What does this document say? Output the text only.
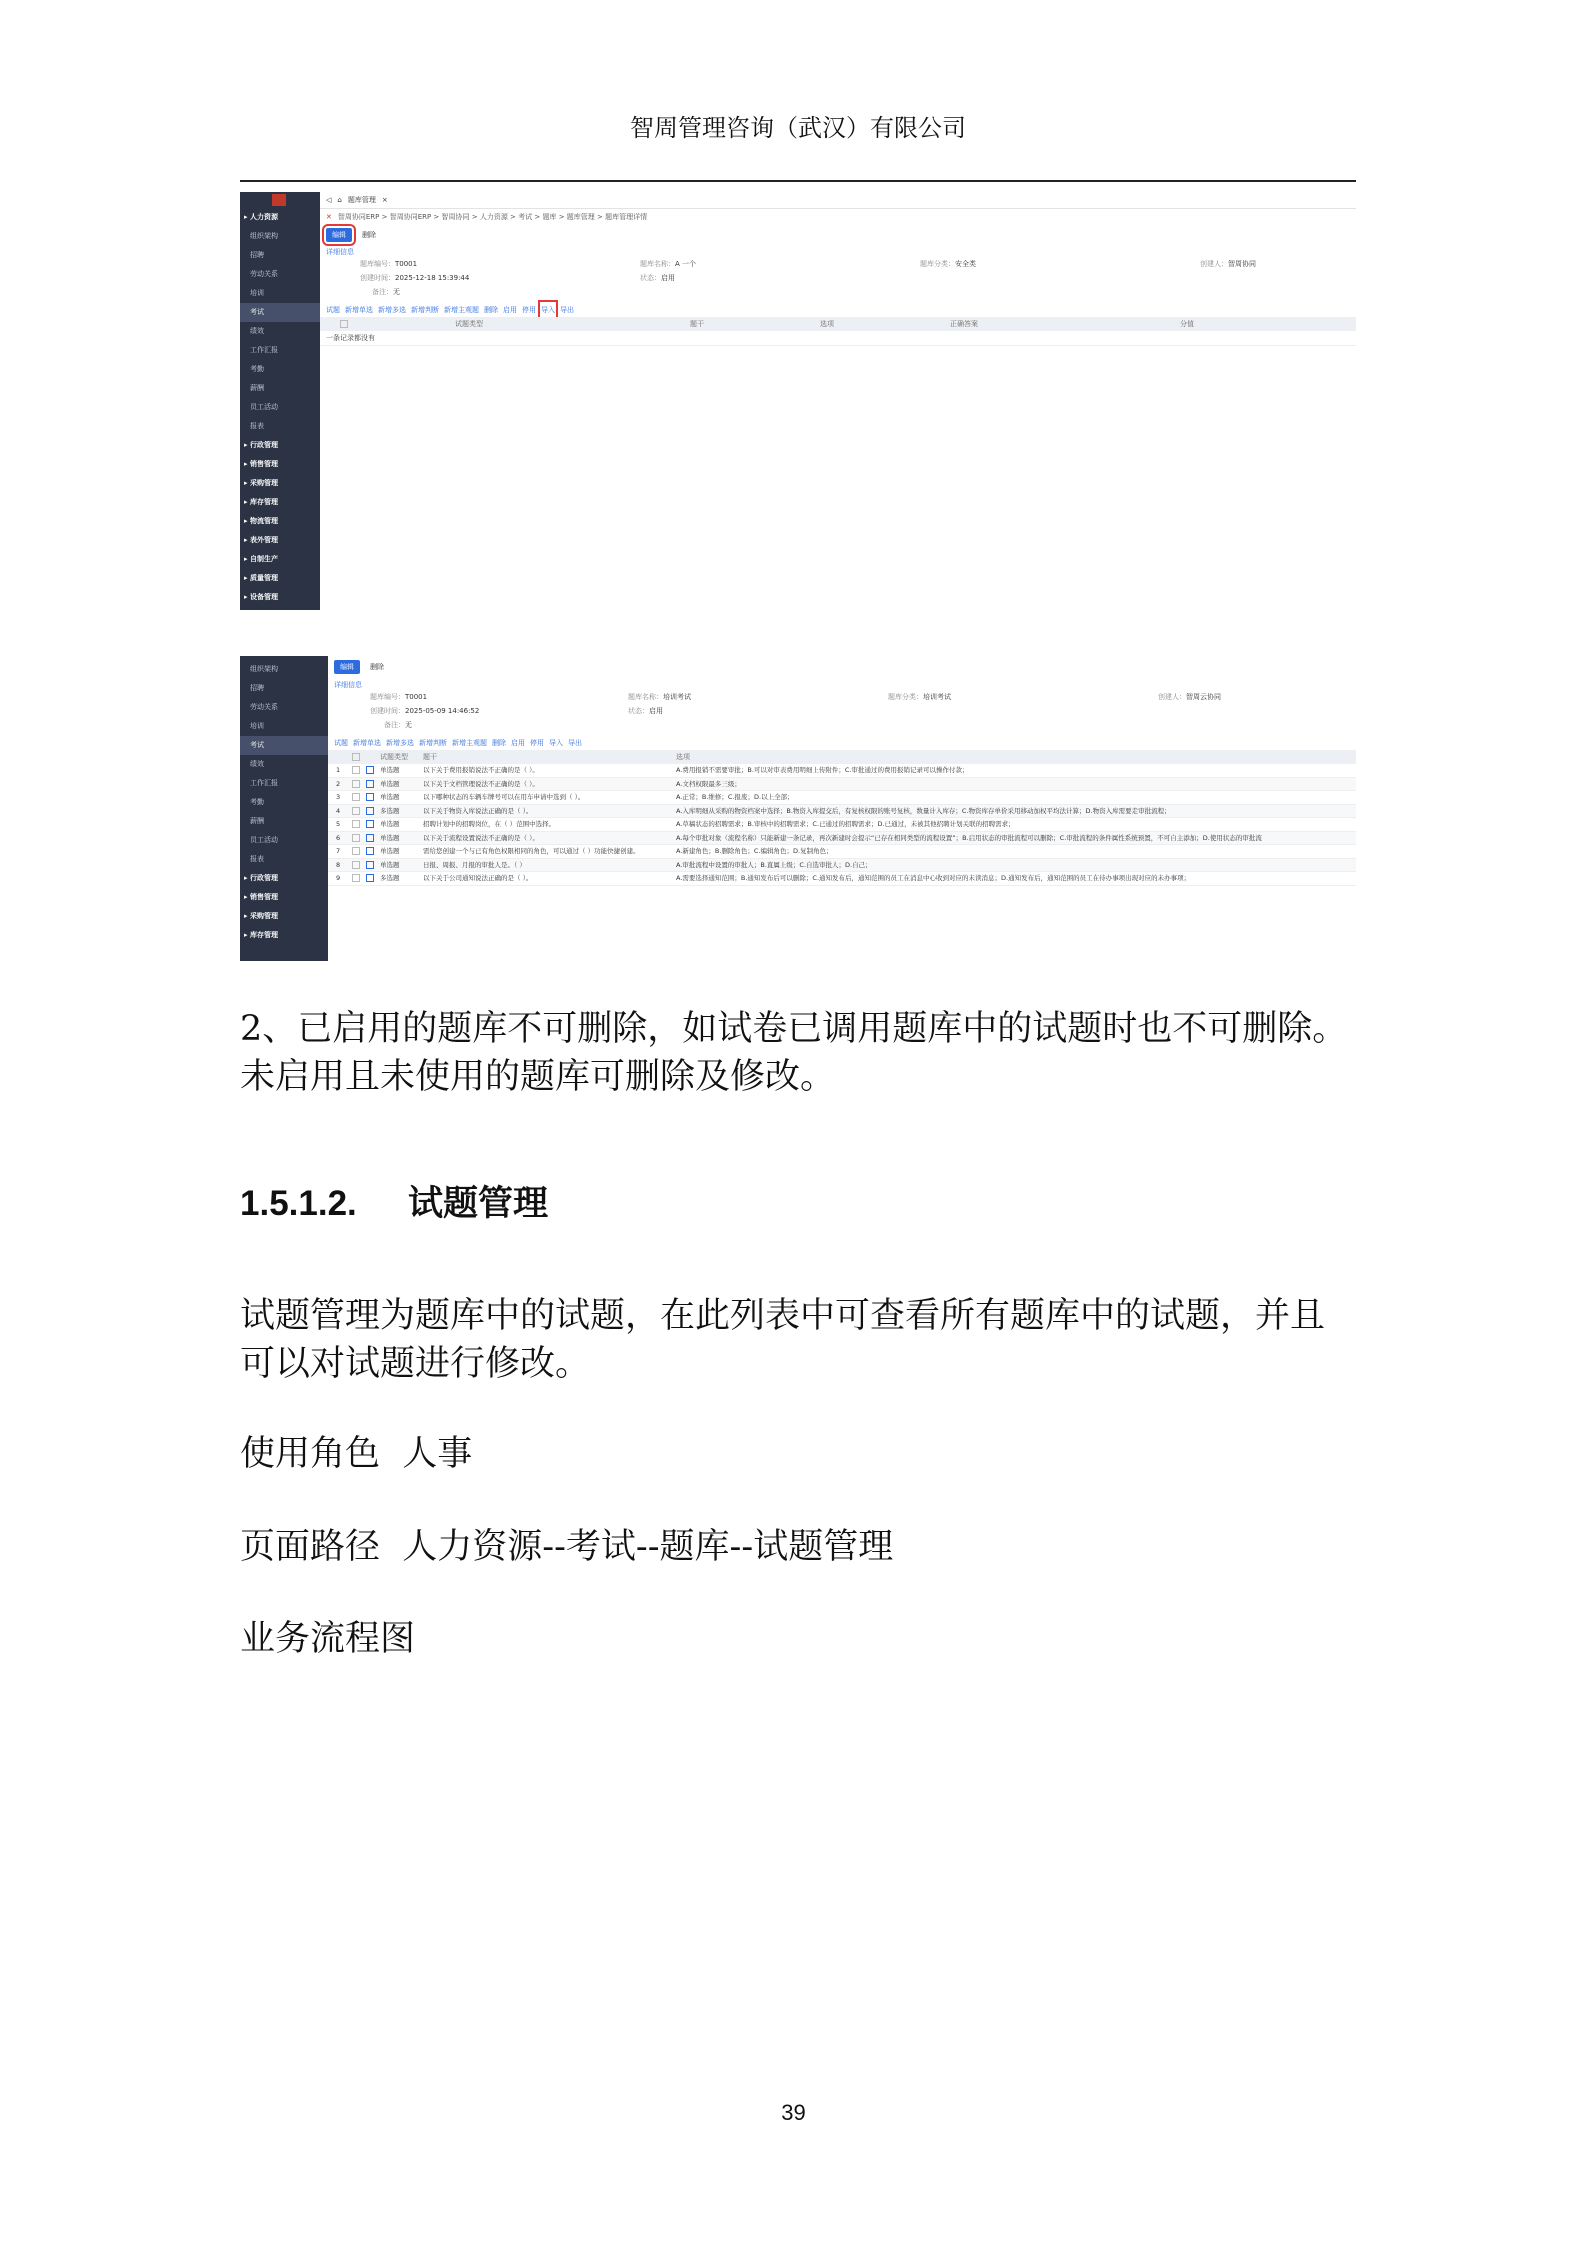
智周管理咨询（武汉）有限公司
▸ 人力资源
组织架构
招聘
劳动关系
培训
考试
绩效
工作汇报
考勤
薪酬
员工活动
报表
▸ 行政管理
▸ 销售管理
▸ 采购管理
▸ 库存管理
▸ 物流管理
▸ 表外管理
▸ 自制生产
▸ 质量管理
▸ 设备管理
◁ ⌂ 题库管理 ×
✕ 智周协同ERP > 智周协同ERP > 智周协同 > 人力资源 > 考试 > 题库 > 题库管理 > 题库管理详情
编辑	删除
详细信息
题库编号：T0001	题库名称：A 一个	题库分类：安全类	创建人：智周协同
创建时间：2025-12-18 15:39:44	状态：启用
备注：无
试题 新增单选 新增多选 新增判断 新增主观题 删除 启用 停用 导入 导出
试题类型	题干	选项	正确答案	分值
一条记录都没有
组织架构
招聘
劳动关系
培训
考试
绩效
工作汇报
考勤
薪酬
员工活动
报表
▸ 行政管理
▸ 销售管理
▸ 采购管理
▸ 库存管理
编辑	删除
详细信息
题库编号：T0001	题库名称：培训考试	题库分类：培训考试	创建人：智周云协同
创建时间：2025-05-09 14:46:52	状态：启用
备注：无
试题 新增单选 新增多选 新增判断 新增主观题 删除 启用 停用 导入 导出
试题类型 题干	选项
1	单选题	以下关于费用报销说法不正确的是（ ）。	A.费用报销不需要审批；B.可以对审表费用明细上传附件；C.审批通过的费用报销记录可以操作付款；
2	单选题	以下关于文档管理说法不正确的是（ ）。	A.文档权限最多三级；
3	单选题	以下哪种状态的车辆车牌号可以在用车申请中选到（ ）。	A.正常；B.维修；C.报废；D.以上全部；
4	多选题	以下关于物资入库说法正确的是（ ）。	A.入库明细从采购的物资档案中选择；B.物资入库提交后，有复核权限的账号复核，数量计入库存；C.物资库存单价采用移动加权平均法计算；D.物资入库需要走审批流程；
5	单选题	招聘计划中的招聘岗位，在（ ）范围中选择。	A.草稿状态的招聘需求；B.审核中的招聘需求；C.已通过的招聘需求；D.已通过，未被其他招聘计划关联的招聘需求；
6	单选题	以下关于流程设置说法不正确的是（ ）。	A.每个审批对象（流程名称）只能新建一条记录，再次新建时会提示“已存在相同类型的流程设置”；B.启用状态的审批流程可以删除；C.审批流程的条件属性系统预置，不可自主添加；D.使用状态的审批流
7	单选题	需给您创建一个与已有角色权限相同的角色，可以通过（ ）功能快捷创建。	A.新建角色；B.删除角色；C.编辑角色；D.复制角色；
8	单选题	日报、周报、月报的审批人是。（ ）	A.审批流程中设置的审批人；B.直属上级；C.自选审批人；D.自己；
9	多选题	以下关于公司通知说法正确的是（ ）。	A.需要选择通知范围；B.通知发布后可以删除；C.通知发布后，通知范围的员工在消息中心收到对应的未读消息；D.通知发布后，通知范围的员工在待办事项出现对应的未办事项；
2、已启用的题库不可删除，如试卷已调用题库中的试题时也不可删除。未启用且未使用的题库可删除及修改。
1.5.1.2. 试题管理
试题管理为题库中的试题，在此列表中可查看所有题库中的试题，并且可以对试题进行修改。
使用角色  人事
页面路径  人力资源--考试--题库--试题管理
业务流程图
39
